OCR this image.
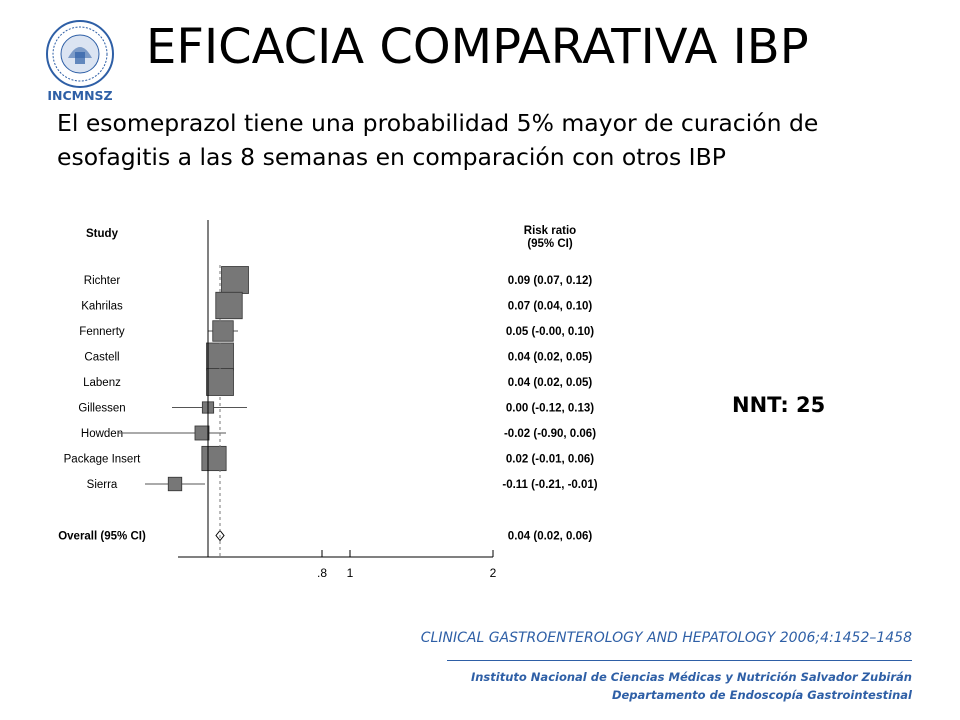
INCMNSZ
EFICACIA COMPARATIVA IBP

El esomeprazol tiene una probabilidad 5% mayor de curación de esofagitis a las 8 semanas en comparación con otros IBP

Study	Risk ratio
(95% CI)
Richter	0.09 (0.07, 0.12)
Kahrilas	0.07 (0.04, 0.10)
Fennerty	0.05 (-0.00, 0.10)
Castell	0.04 (0.02, 0.05)
Labenz	0.04 (0.02, 0.05)
Gillessen	0.00 (-0.12, 0.13)
Howden	-0.02 (-0.90, 0.06)
Package Insert	0.02 (-0.01, 0.06)
Sierra	-0.11 (-0.21, -0.01)
Overall (95% CI)	0.04 (0.02, 0.06)
.8 1	2
NNT: 25
CLINICAL GASTROENTEROLOGY AND HEPATOLOGY 2006;4:1452–1458
Instituto Nacional de Ciencias Médicas y Nutrición Salvador Zubirán
Departamento de Endoscopía Gastrointestinal
